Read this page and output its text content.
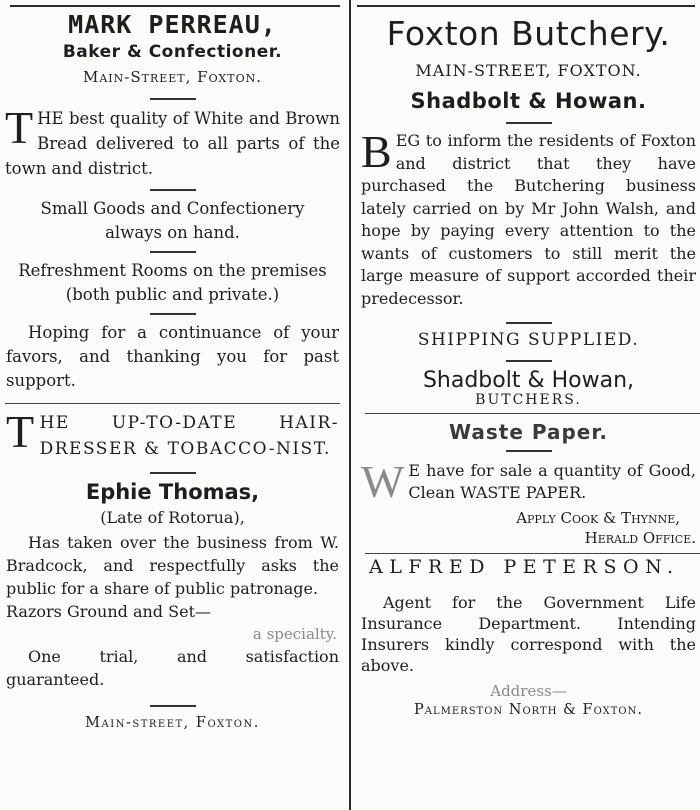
MARK PERREAU,
Baker & Confectioner.
Main-Street, Foxton.

THE best quality of White and Brown Bread delivered to all parts of the town and district.

Small Goods and Confectionery always on hand.

Refreshment Rooms on the premises (both public and private.)

Hoping for a continuance of your favors, and thanking you for past support.

THE UP-TO-DATE HAIR-DRESSER & TOBACCO-NIST.

Ephie Thomas,
(Late of Rotorua),

Has taken over the business from W. Bradcock, and respectfully asks the public for a share of public patronage.

Razors Ground and Set—

a specialty.

One trial, and satisfaction guaranteed.

Main-street, Foxton.
Foxton Butchery.
MAIN-STREET, FOXTON.
Shadbolt & Howan.

BEG to inform the residents of Foxton and district that they have purchased the Butchering business lately carried on by Mr John Walsh, and hope by paying every attention to the wants of customers to still merit the large measure of support accorded their predecessor.

SHIPPING SUPPLIED.
Shadbolt & Howan,
BUTCHERS.
Waste Paper.

W E have for sale a quantity of Good, Clean WASTE PAPER.

Apply Cook & Thynne,

Herald Office.

ALFRED PETERSON.

Agent for the Government Life Insurance Department. Intending Insurers kindly correspond with the above.

Address—
Palmerston North & Foxton.
